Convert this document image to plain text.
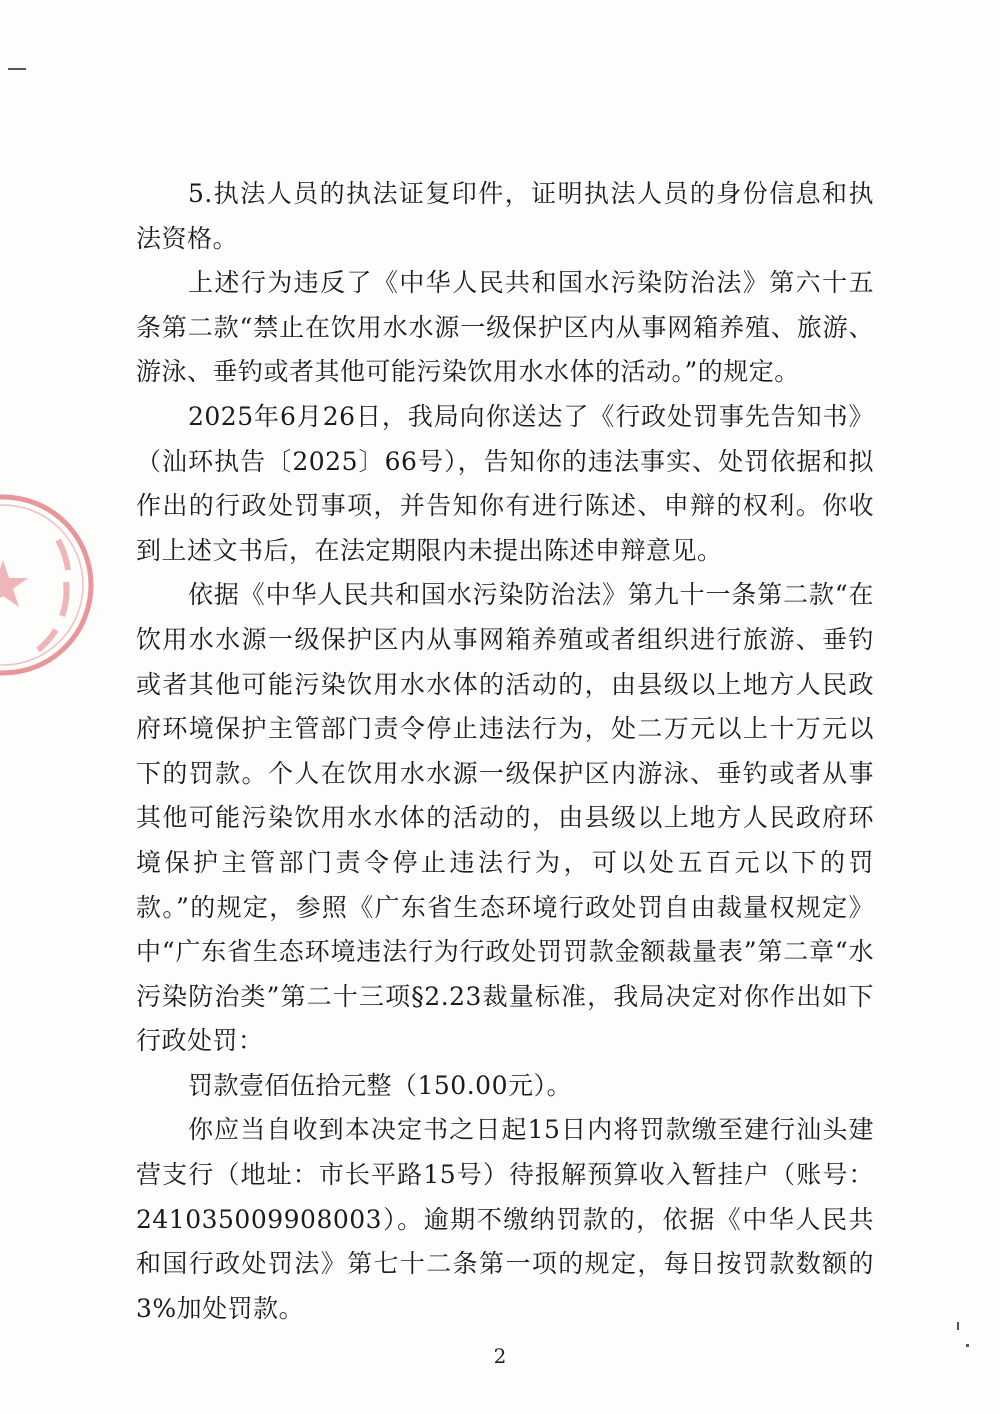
5.执法人员的执法证复印件，证明执法人员的身份信息和执法资格。

上述行为违反了《中华人民共和国水污染防治法》第六十五条第二款“禁止在饮用水水源一级保护区内从事网箱养殖、旅游、游泳、垂钓或者其他可能污染饮用水水体的活动。”的规定。

2025年6月26日，我局向你送达了《行政处罚事先告知书》（汕环执告〔2025〕66号），告知你的违法事实、处罚依据和拟作出的行政处罚事项，并告知你有进行陈述、申辩的权利。你收到上述文书后，在法定期限内未提出陈述申辩意见。

依据《中华人民共和国水污染防治法》第九十一条第二款“在饮用水水源一级保护区内从事网箱养殖或者组织进行旅游、垂钓或者其他可能污染饮用水水体的活动的，由县级以上地方人民政府环境保护主管部门责令停止违法行为，处二万元以上十万元以下的罚款。个人在饮用水水源一级保护区内游泳、垂钓或者从事其他可能污染饮用水水体的活动的，由县级以上地方人民政府环境保护主管部门责令停止违法行为，可以处五百元以下的罚款。”的规定，参照《广东省生态环境行政处罚自由裁量权规定》中“广东省生态环境违法行为行政处罚罚款金额裁量表”第二章“水污染防治类”第二十三项§2.23裁量标准，我局决定对你作出如下行政处罚：

罚款壹佰伍拾元整（150.00元）。

你应当自收到本决定书之日起15日内将罚款缴至建行汕头建营支行（地址：市长平路15号）待报解预算收入暂挂户（账号：241035009908003）。逾期不缴纳罚款的，依据《中华人民共和国行政处罚法》第七十二条第一项的规定，每日按罚款数额的3%加处罚款。

2
